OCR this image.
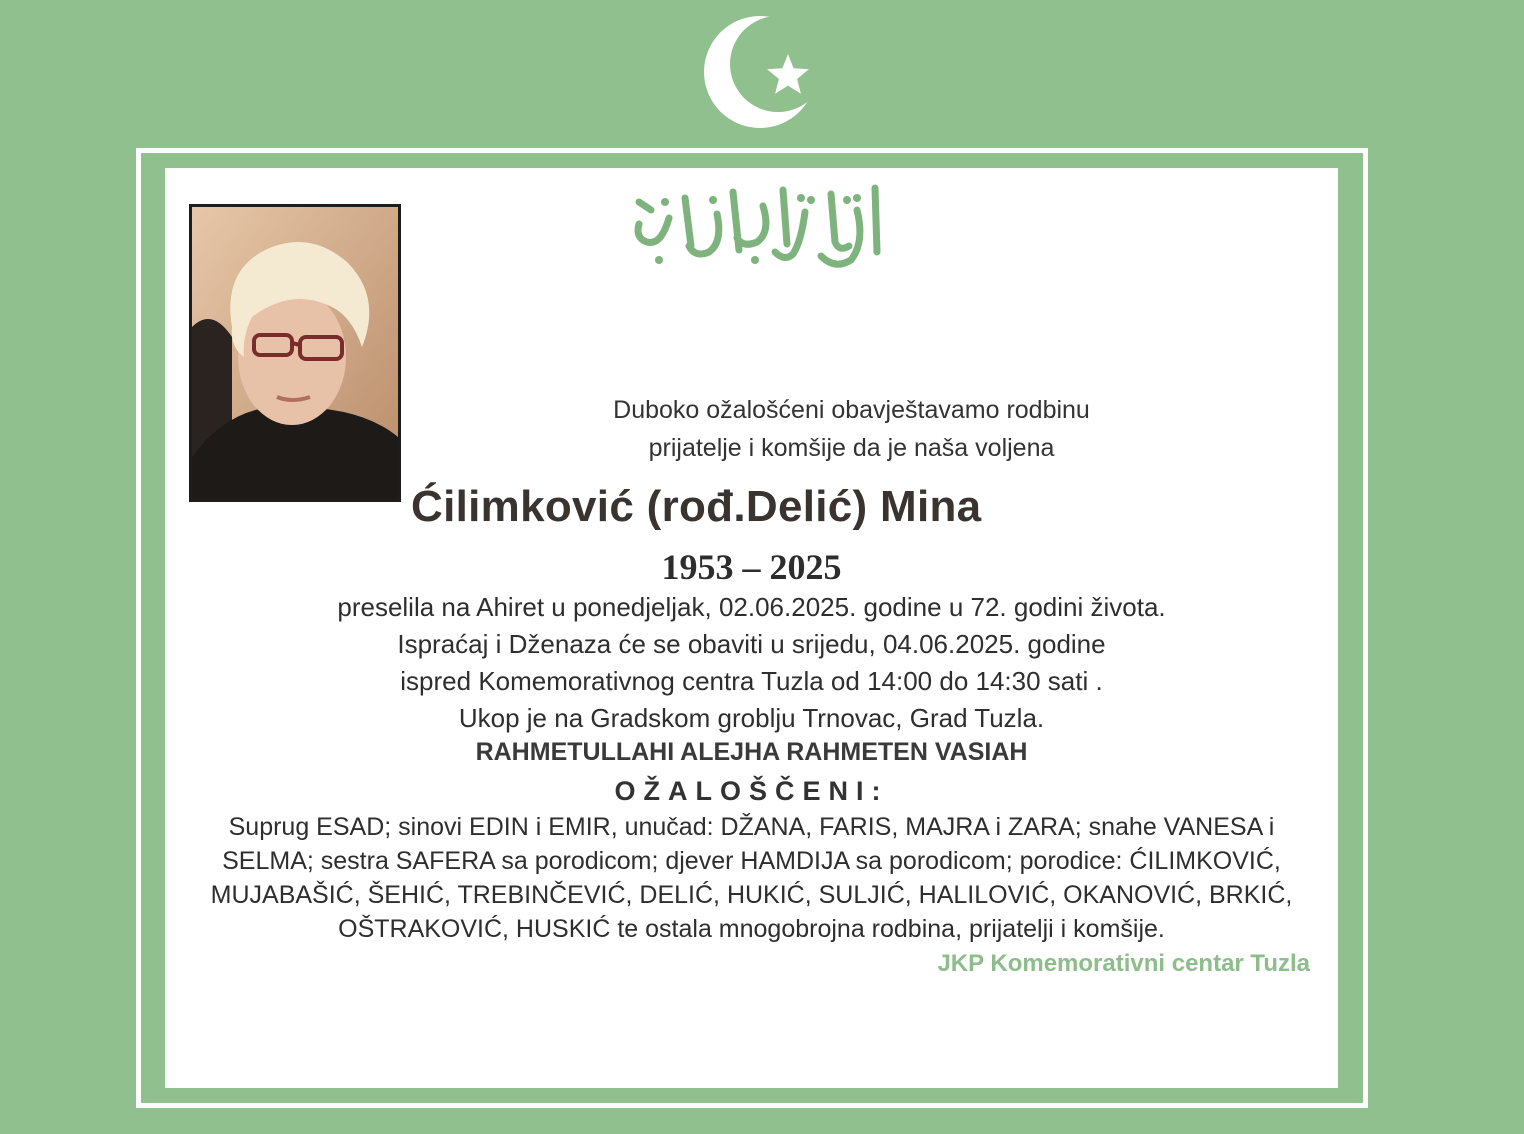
Duboko ožalošćeni obavještavamo rodbinu
prijatelje i komšije da je naša voljena
Ćilimković (rođ.Delić) Mina
1953 – 2025
preselila na Ahiret u ponedjeljak, 02.06.2025. godine u 72. godini života.
Ispraćaj i Dženaza će se obaviti u srijedu, 04.06.2025. godine
ispred Komemorativnog centra Tuzla od 14:00 do 14:30 sati .
Ukop je na Gradskom groblju Trnovac, Grad Tuzla.
RAHMETULLAHI ALEJHA RAHMETEN VASIAH
OŽALOŠČENI:
Suprug ESAD; sinovi EDIN i EMIR, unučad: DŽANA, FARIS, MAJRA i ZARA; snahe VANESA i
SELMA; sestra SAFERA sa porodicom; djever HAMDIJA sa porodicom; porodice: ĆILIMKOVIĆ,
MUJABAŠIĆ, ŠEHIĆ, TREBINČEVIĆ, DELIĆ, HUKIĆ, SULJIĆ, HALILOVIĆ, OKANOVIĆ, BRKIĆ,
OŠTRAKOVIĆ, HUSKIĆ te ostala mnogobrojna rodbina, prijatelji i komšije.
JKP Komemorativni centar Tuzla
